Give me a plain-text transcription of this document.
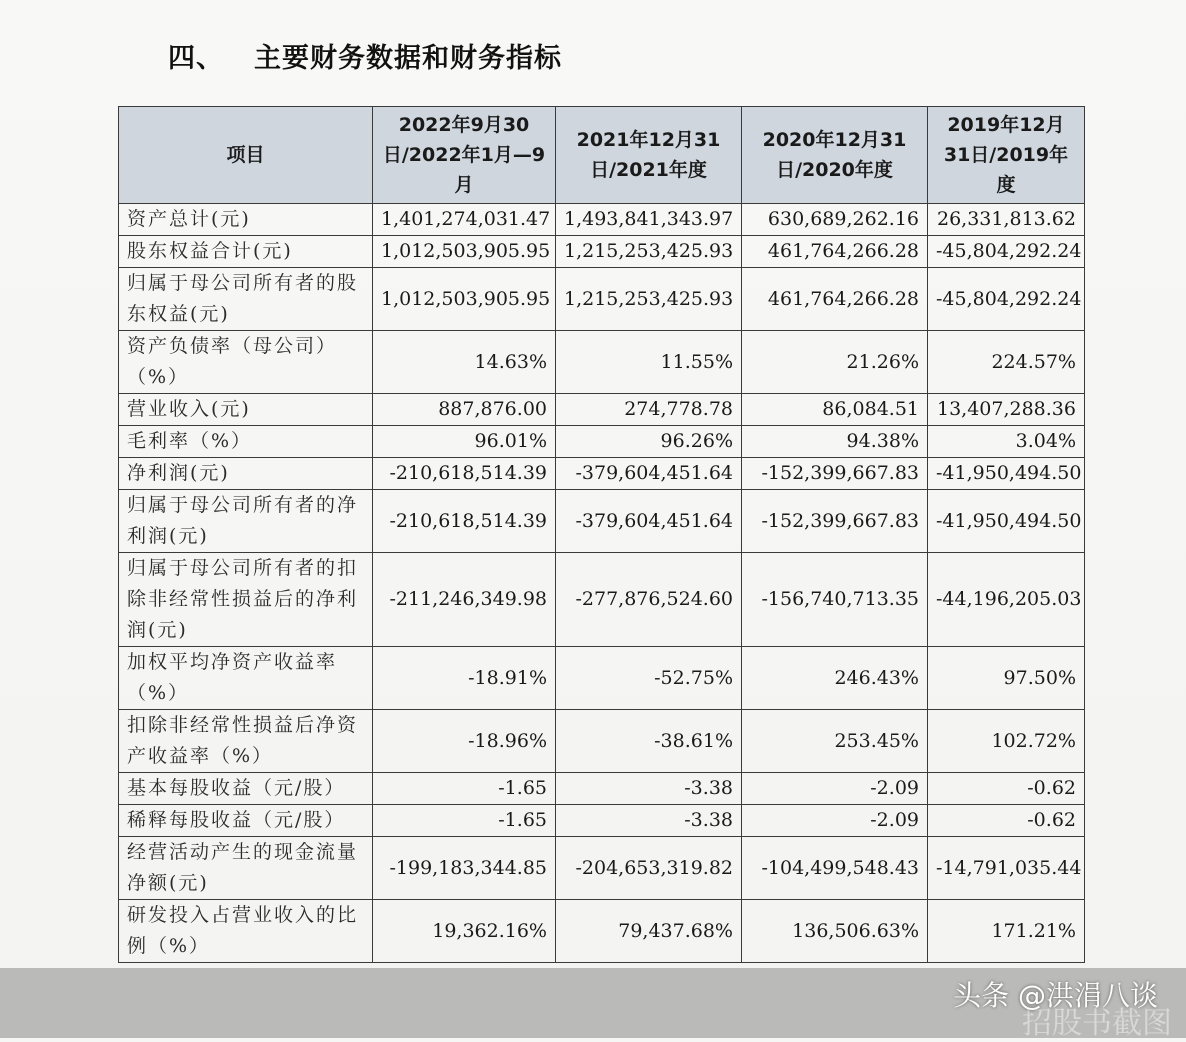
四、 主要财务数据和财务指标
项目	2022年9月30日/2022年1月—9月	2021年12月31日/2021年度	2020年12月31日/2020年度	2019年12月31日/2019年度
资产总计(元)	1,401,274,031.47	1,493,841,343.97	630,689,262.16	26,331,813.62
股东权益合计(元)	1,012,503,905.95	1,215,253,425.93	461,764,266.28	-45,804,292.24
归属于母公司所有者的股东权益(元)	1,012,503,905.95	1,215,253,425.93	461,764,266.28	-45,804,292.24
资产负债率（母公司）（%）	14.63%	11.55%	21.26%	224.57%
营业收入(元)	887,876.00	274,778.78	86,084.51	13,407,288.36
毛利率（%）	96.01%	96.26%	94.38%	3.04%
净利润(元)	-210,618,514.39	-379,604,451.64	-152,399,667.83	-41,950,494.50
归属于母公司所有者的净利润(元)	-210,618,514.39	-379,604,451.64	-152,399,667.83	-41,950,494.50
归属于母公司所有者的扣除非经常性损益后的净利润(元)	-211,246,349.98	-277,876,524.60	-156,740,713.35	-44,196,205.03
加权平均净资产收益率（%）	-18.91%	-52.75%	246.43%	97.50%
扣除非经常性损益后净资产收益率（%）	-18.96%	-38.61%	253.45%	102.72%
基本每股收益（元/股）	-1.65	-3.38	-2.09	-0.62
稀释每股收益（元/股）	-1.65	-3.38	-2.09	-0.62
经营活动产生的现金流量净额(元)	-199,183,344.85	-204,653,319.82	-104,499,548.43	-14,791,035.44
研发投入占营业收入的比例（%）	19,362.16%	79,437.68%	136,506.63%	171.21%
招股书截图
头条 @洪涓八谈
